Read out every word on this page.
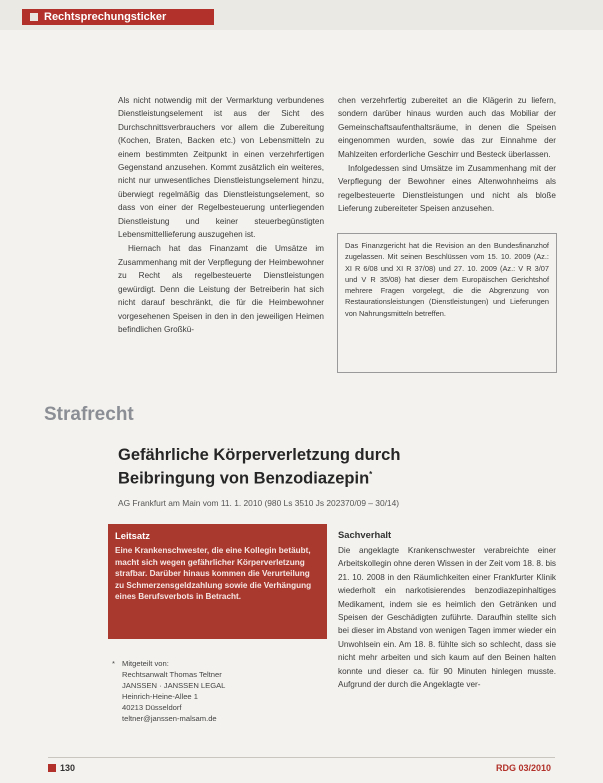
Rechtsprechungsticker

Als nicht notwendig mit der Vermarktung verbundenes Dienstleistungselement ist aus der Sicht des Durchschnittsverbrauchers vor allem die Zubereitung (Kochen, Braten, Backen etc.) von Lebensmitteln zu einem bestimmten Zeitpunkt in einen verzehrfertigen Gegenstand anzusehen. Kommt zusätzlich ein weiteres, nicht nur unwesentliches Dienstleistungselement hinzu, überwiegt regelmäßig das Dienstleistungselement, so dass von einer der Regelbesteuerung unterliegenden Dienstleistung und keiner steuerbegünstigten Lebensmittellieferung auszugehen ist.

Hiernach hat das Finanzamt die Umsätze im Zusammenhang mit der Verpflegung der Heimbewohner zu Recht als regelbesteuerte Dienstleistungen gewürdigt. Denn die Leistung der Betreiberin hat sich nicht darauf beschränkt, die für die Heimbewohner vorgesehenen Speisen in den in den jeweiligen Heimen befindlichen Großkü-

chen verzehrfertig zubereitet an die Klägerin zu liefern, sondern darüber hinaus wurden auch das Mobiliar der Gemeinschaftsaufenthaltsräume, in denen die Speisen eingenommen wurden, sowie das zur Einnahme der Mahlzeiten erforderliche Geschirr und Besteck überlassen.

Infolgedessen sind Umsätze im Zusammenhang mit der Verpflegung der Bewohner eines Altenwohnheims als regelbesteuerte Dienstleistungen und nicht als bloße Lieferung zubereiteter Speisen anzusehen.

Das Finanzgericht hat die Revision an den Bundesfinanzhof zugelassen. Mit seinen Beschlüssen vom 15. 10. 2009 (Az.: XI R 6/08 und XI R 37/08) und 27. 10. 2009 (Az.: V R 3/07 und V R 35/08) hat dieser dem Europäischen Gerichtshof mehrere Fragen vorgelegt, die die Abgrenzung von Restaurationsleistungen (Dienstleistungen) und Lieferungen von Nahrungsmitteln betreffen.
Strafrecht
Gefährliche Körperverletzung durch Beibringung von Benzodiazepin*
AG Frankfurt am Main vom 11. 1. 2010 (980 Ls 3510 Js 202370/09 – 30/14)
Leitsatz
Eine Krankenschwester, die eine Kollegin betäubt, macht sich wegen gefährlicher Körperverletzung strafbar. Darüber hinaus kommen die Verurteilung zu Schmerzensgeldzahlung sowie die Verhängung eines Berufsverbots in Betracht.
* Mitgeteilt von:
Rechtsanwalt Thomas Teltner
JANSSEN · JANSSEN LEGAL
Heinrich-Heine-Allee 1
40213 Düsseldorf
teltner@janssen-malsam.de
Sachverhalt

Die angeklagte Krankenschwester verabreichte einer Arbeitskollegin ohne deren Wissen in der Zeit vom 18. 8. bis 21. 10. 2008 in den Räumlichkeiten einer Frankfurter Klinik wiederholt ein narkotisierendes benzodiazepinhaltiges Medikament, indem sie es heimlich den Getränken und Speisen der Geschädigten zuführte. Daraufhin stellte sich bei dieser im Abstand von wenigen Tagen immer wieder ein Unwohlsein ein. Am 18. 8. fühlte sich so schlecht, dass sie nicht mehr arbeiten und sich kaum auf den Beinen halten konnte und dieser ca. für 90 Minuten hinlegen musste. Aufgrund der durch die Angeklagte ver-

130	RDG 03/2010
